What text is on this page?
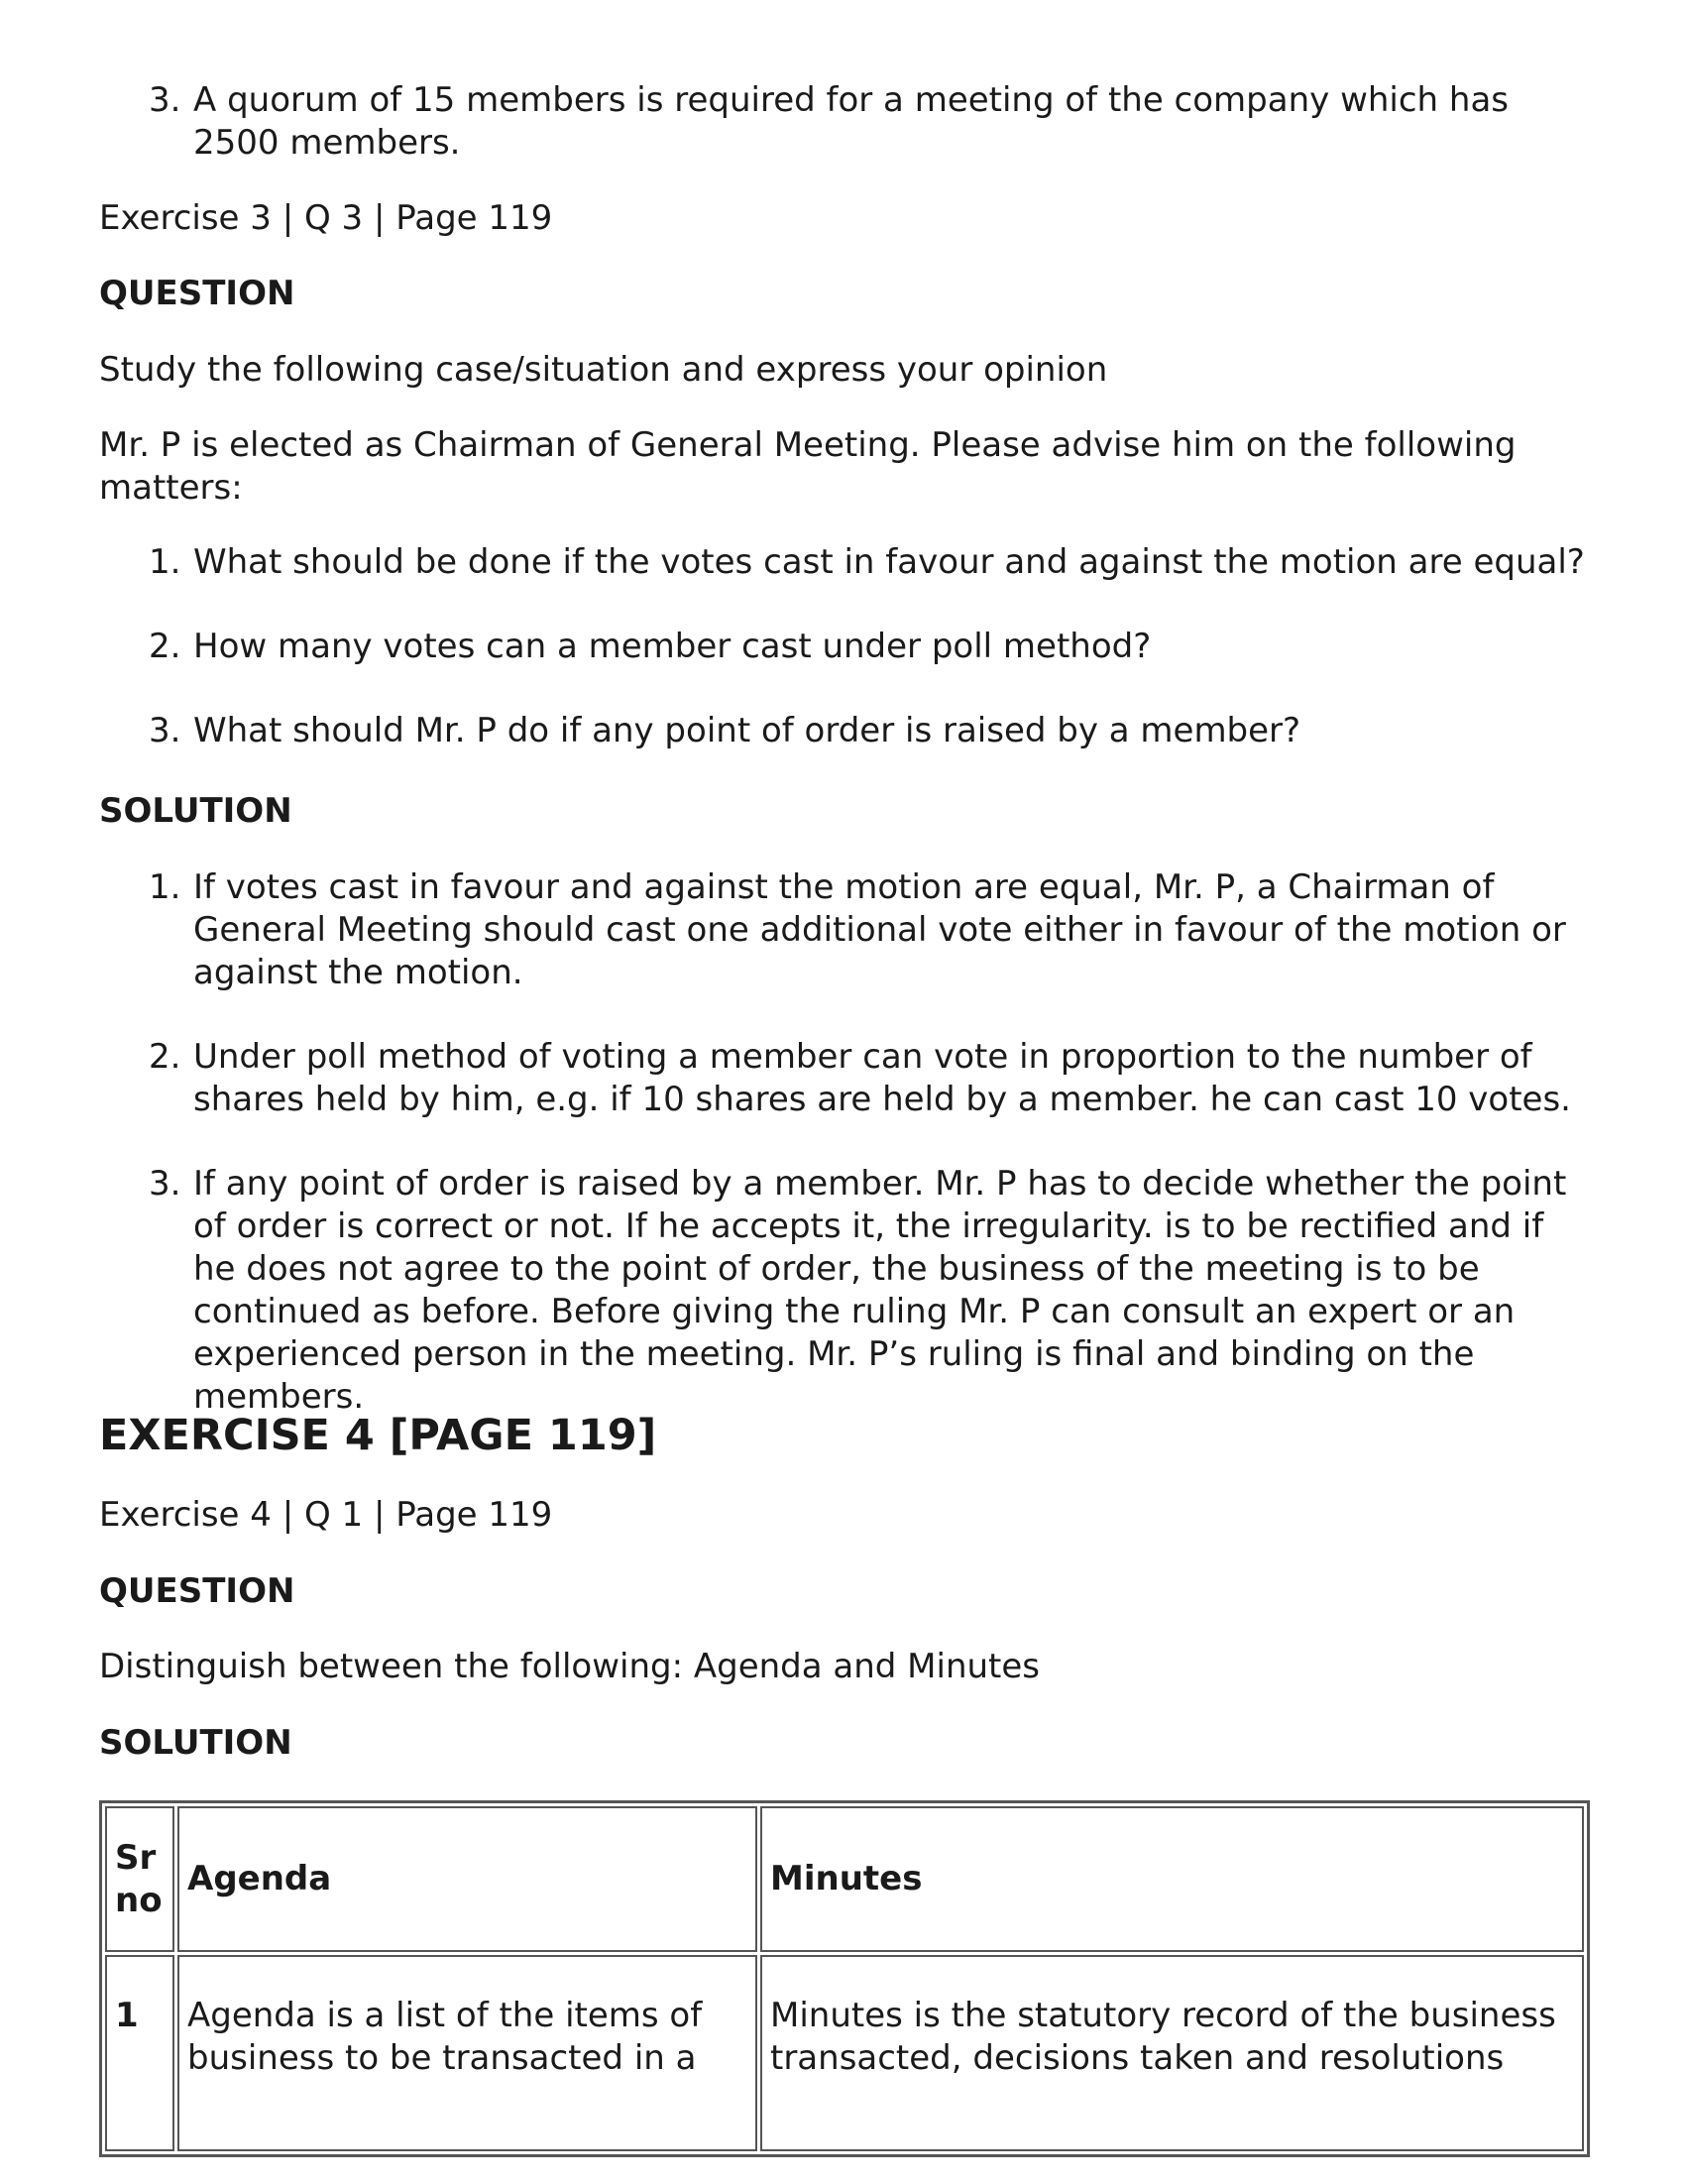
3. A quorum of 15 members is required for a meeting of the company which has 2500 members.

Exercise 3 | Q 3 | Page 119

QUESTION

Study the following case/situation and express your opinion

Mr. P is elected as Chairman of General Meeting. Please advise him on the following matters:

1. What should be done if the votes cast in favour and against the motion are equal?
2. How many votes can a member cast under poll method?
3. What should Mr. P do if any point of order is raised by a member?

SOLUTION

1. If votes cast in favour and against the motion are equal, Mr. P, a Chairman of General Meeting should cast one additional vote either in favour of the motion or against the motion.
2. Under poll method of voting a member can vote in proportion to the number of shares held by him, e.g. if 10 shares are held by a member. he can cast 10 votes.
3. If any point of order is raised by a member. Mr. P has to decide whether the point of order is correct or not. If he accepts it, the irregularity. is to be rectified and if he does not agree to the point of order, the business of the meeting is to be continued as before. Before giving the ruling Mr. P can consult an expert or an experienced person in the meeting. Mr. P’s ruling is final and binding on the members.

EXERCISE 4 [PAGE 119]

Exercise 4 | Q 1 | Page 119

QUESTION

Distinguish between the following: Agenda and Minutes

SOLUTION

Sr no	Agenda	Minutes
1	Agenda is a list of the items of business to be transacted in a	Minutes is the statutory record of the business transacted, decisions taken and resolutions
